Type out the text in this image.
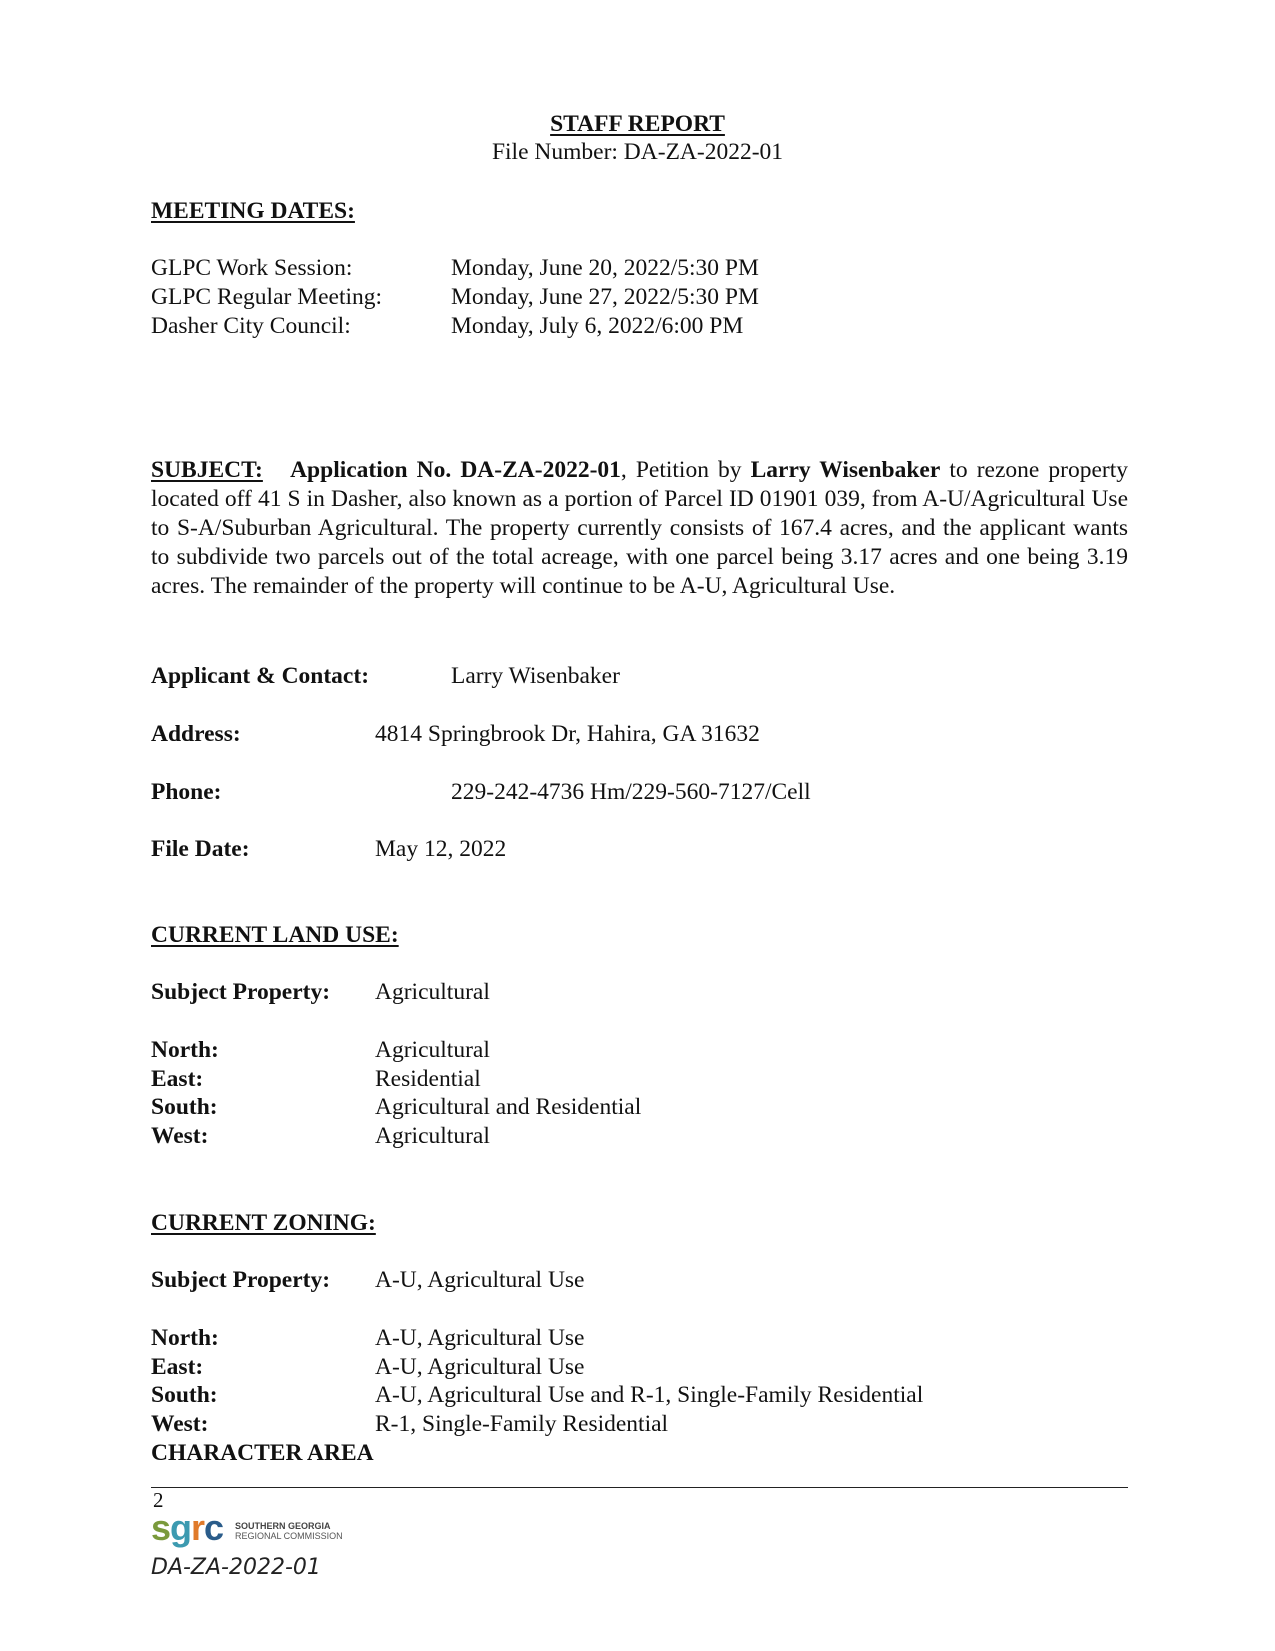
STAFF REPORT
File Number: DA-ZA-2022-01
MEETING DATES:
GLPC Work Session:	Monday, June 20, 2022/5:30 PM
GLPC Regular Meeting:	Monday, June 27, 2022/5:30 PM
Dasher City Council:	Monday, July 6, 2022/6:00 PM
SUBJECT: Application No. DA-ZA-2022-01, Petition by Larry Wisenbaker to rezone property located off 41 S in Dasher, also known as a portion of Parcel ID 01901 039, from A-U/Agricultural Use to S-A/Suburban Agricultural. The property currently consists of 167.4 acres, and the applicant wants to subdivide two parcels out of the total acreage, with one parcel being 3.17 acres and one being 3.19 acres. The remainder of the property will continue to be A-U, Agricultural Use.
Applicant & Contact:	Larry Wisenbaker
Address:	4814 Springbrook Dr, Hahira, GA 31632
Phone:	229-242-4736 Hm/229-560-7127/Cell
File Date:	May 12, 2022
CURRENT LAND USE:
Subject Property: Agricultural
North:	Agricultural
East:	Residential
South:	Agricultural and Residential
West:	Agricultural
CURRENT ZONING:
Subject Property: A-U, Agricultural Use
North:	A-U, Agricultural Use
East:	A-U, Agricultural Use
South:	A-U, Agricultural Use and R-1, Single-Family Residential
West:	R-1, Single-Family Residential
CHARACTER AREA
2
sgrc SOUTHERN GEORGIA
REGIONAL COMMISSION
DA-ZA-2022-01
